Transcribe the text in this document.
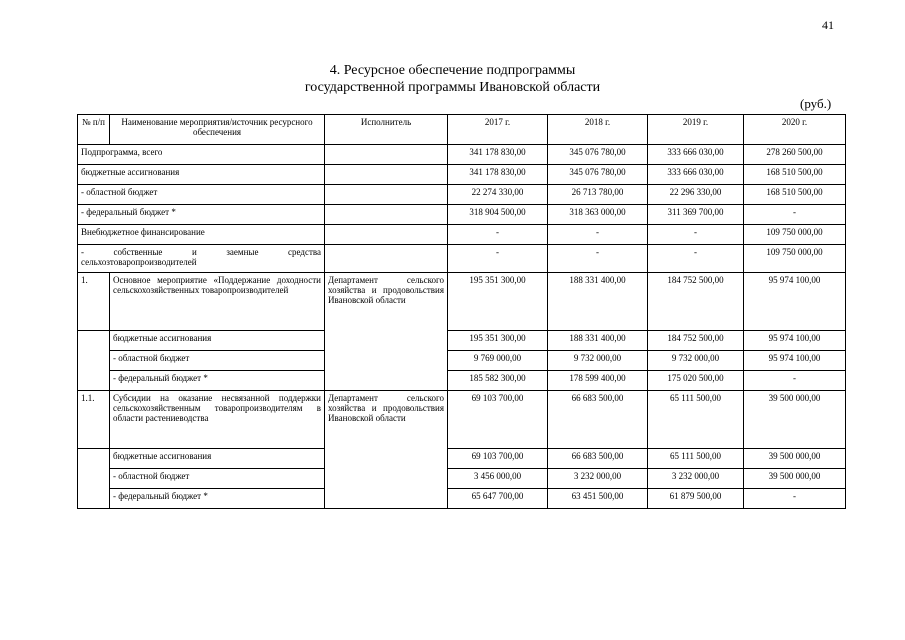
41
4. Ресурсное обеспечение подпрограммы
государственной программы Ивановской области
(руб.)
№ п/п	Наименование мероприятия/источник ресурсного обеспечения	Исполнитель	2017 г.	2018 г.	2019 г.	2020 г.
Подпрограмма, всего			341 178 830,00	345 076 780,00	333 666 030,00	278 260 500,00
бюджетные ассигнования			341 178 830,00	345 076 780,00	333 666 030,00	168 510 500,00
- областной бюджет			22 274 330,00	26 713 780,00	22 296 330,00	168 510 500,00
- федеральный бюджет *			318 904 500,00	318 363 000,00	311 369 700,00	-
Внебюджетное финансирование			-	-	-	109 750 000,00
- собственные и заемные средства сельхозтоваропроизводителей			-	-	-	109 750 000,00
1.	Основное мероприятие «Поддержание доходности сельскохозяйственных товаропроизводителей	Департамент сельского хозяйства и продовольствия Ивановской области	195 351 300,00	188 331 400,00	184 752 500,00	95 974 100,00
	бюджетные ассигнования		195 351 300,00	188 331 400,00	184 752 500,00	95 974 100,00
	- областной бюджет		9 769 000,00	9 732 000,00	9 732 000,00	95 974 100,00
	- федеральный бюджет *		185 582 300,00	178 599 400,00	175 020 500,00	-
1.1.	Субсидии на оказание несвязанной поддержки сельскохозяйственным товаропроизводителям в области растениеводства	Департамент сельского хозяйства и продовольствия Ивановской области	69 103 700,00	66 683 500,00	65 111 500,00	39 500 000,00
	бюджетные ассигнования		69 103 700,00	66 683 500,00	65 111 500,00	39 500 000,00
	- областной бюджет		3 456 000,00	3 232 000,00	3 232 000,00	39 500 000,00
	- федеральный бюджет *		65 647 700,00	63 451 500,00	61 879 500,00	-
